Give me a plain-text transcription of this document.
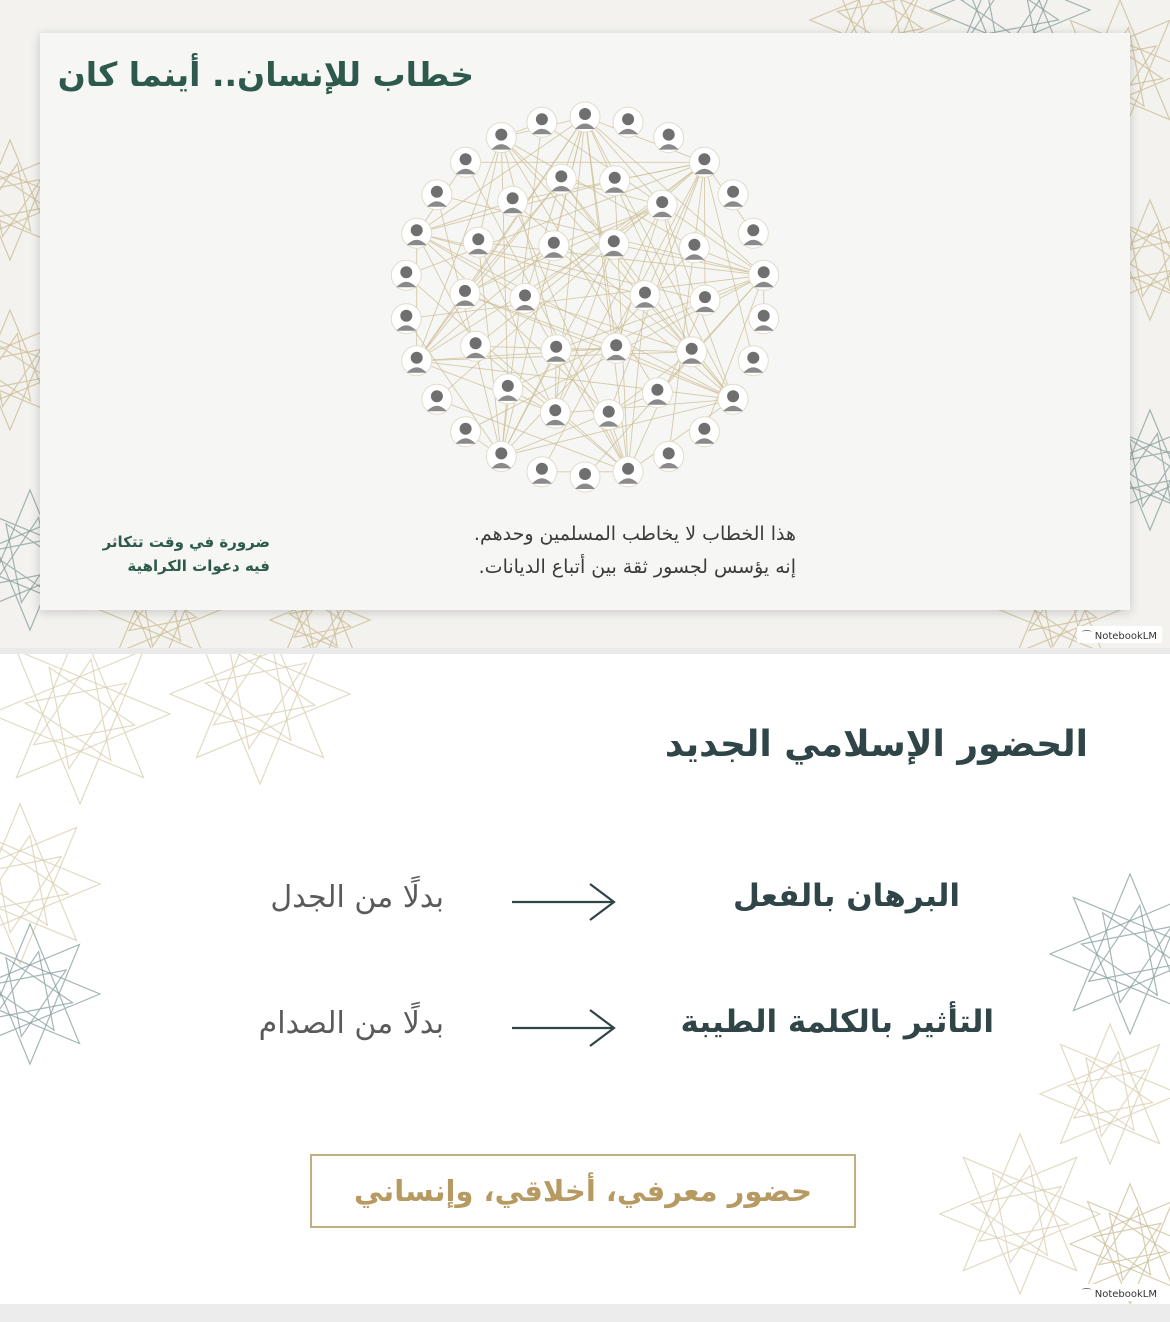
خطاب للإنسان.. أينما كان
ضرورة في وقت تتكاثر
فيه دعوات الكراهية
هذا الخطاب لا يخاطب المسلمين وحدهم.
إنه يؤسس لجسور ثقة بين أتباع الديانات.
⌒ NotebookLM
الحضور الإسلامي الجديد
البرهان بالفعل
بدلًا من الجدل
التأثير بالكلمة الطيبة
بدلًا من الصدام
حضور معرفي، أخلاقي، وإنساني
⌒ NotebookLM
